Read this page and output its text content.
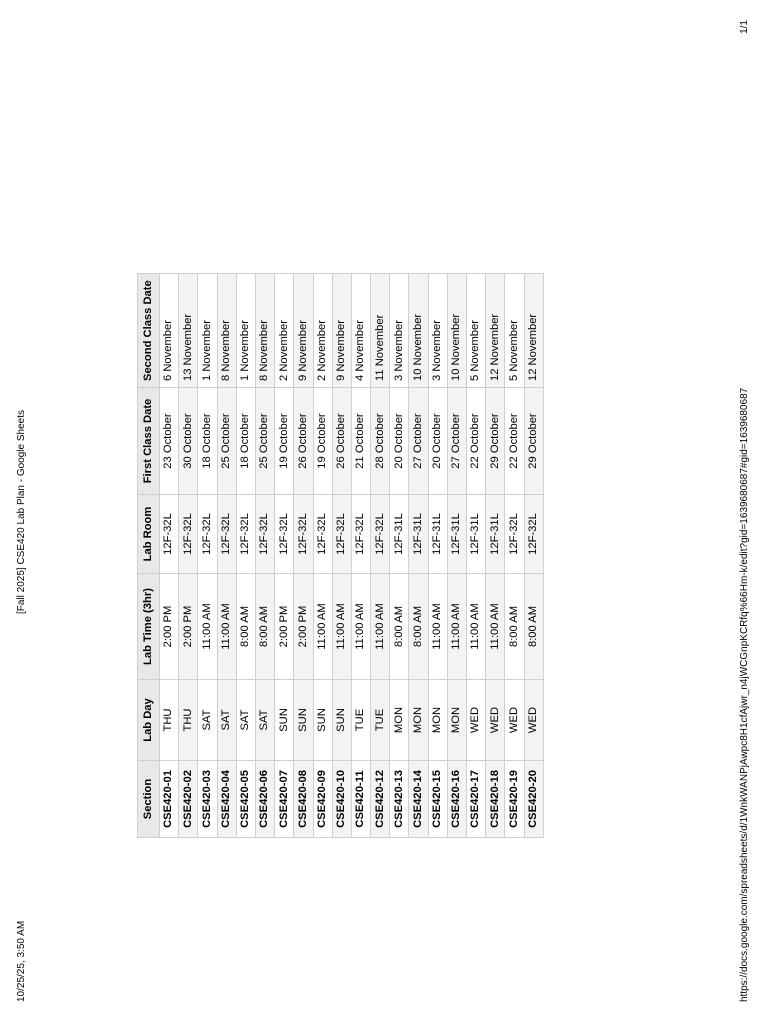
10/25/25, 3:50 AM
[Fall 2025] CSE420 Lab Plan - Google Sheets
Section	Lab Day	Lab Time (3hr)	Lab Room	First Class Date	Second Class Date
CSE420-01	THU	2:00 PM	12F-32L	23 October	6 November
CSE420-02	THU	2:00 PM	12F-32L	30 October	13 November
CSE420-03	SAT	11:00 AM	12F-32L	18 October	1 November
CSE420-04	SAT	11:00 AM	12F-32L	25 October	8 November
CSE420-05	SAT	8:00 AM	12F-32L	18 October	1 November
CSE420-06	SAT	8:00 AM	12F-32L	25 October	8 November
CSE420-07	SUN	2:00 PM	12F-32L	19 October	2 November
CSE420-08	SUN	2:00 PM	12F-32L	26 October	9 November
CSE420-09	SUN	11:00 AM	12F-32L	19 October	2 November
CSE420-10	SUN	11:00 AM	12F-32L	26 October	9 November
CSE420-11	TUE	11:00 AM	12F-32L	21 October	4 November
CSE420-12	TUE	11:00 AM	12F-32L	28 October	11 November
CSE420-13	MON	8:00 AM	12F-31L	20 October	3 November
CSE420-14	MON	8:00 AM	12F-31L	27 October	10 November
CSE420-15	MON	11:00 AM	12F-31L	20 October	3 November
CSE420-16	MON	11:00 AM	12F-31L	27 October	10 November
CSE420-17	WED	11:00 AM	12F-31L	22 October	5 November
CSE420-18	WED	11:00 AM	12F-31L	29 October	12 November
CSE420-19	WED	8:00 AM	12F-32L	22 October	5 November
CSE420-20	WED	8:00 AM	12F-32L	29 October	12 November
https://docs.google.com/spreadsheets/d/1WnkWANPjAwpc8H1cfAjwr_n4jWCGnpKCRfq%66Hm-k/edit?gid=1639680687#gid=1639680687
1/1
